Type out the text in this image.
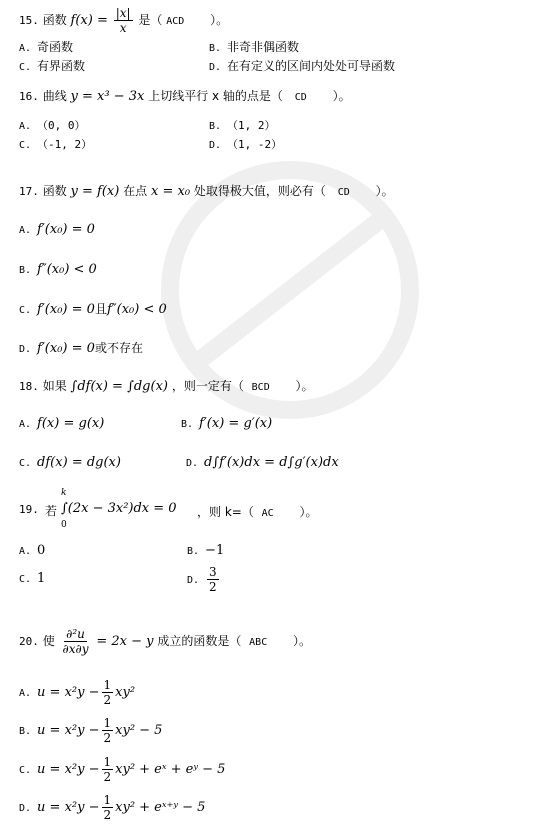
15. 函数 $f(x) = \frac{|x|}{x}$ 是（ ACD ）。
A. 奇函数	B. 非奇非偶函数
C. 有界函数	D. 在有定义的区间内处处可导函数
16. 曲线 y = x³ − 3x 上切线平行 x 轴的点是（ CD ）。
A. （0, 0）	B. （1, 2）
C. （-1, 2）	D. （1, -2）
17. 函数 y = f(x) 在点 x = x₀ 处取得极大值，则必有（ CD ）。
A. f′(x₀) = 0
B. f″(x₀) < 0
C. f′(x₀) = 0且f″(x₀) < 0
D. f′(x₀) = 0或不存在
18. 如果 ∫df(x) = ∫dg(x) ，则一定有（ BCD ）。
A. f(x) = g(x)	B. f′(x) = g′(x)
C. df(x) = dg(x)	D. d∫f′(x)dx = d∫g′(x)dx
19. 若
k
0
∫(2x − 3x²)dx = 0 ，则 k=（ AC ）。
A. 0	B. −1
C. 1	D. $\frac{3}{2}$
20. 使 $\frac{\text{∂²u}}{\partial x\partial y} = 2x - y$ 成立的函数是（ ABC ）。
A. $u = x^2y - \frac{1}{2} xy^2$
B. $u = x^2y - \frac{1}{2} xy^2 - 5$
C. $u = x^2y - \frac{1}{2} xy^2$ + eˣ + eʸ − 5
D. $u = x^2y - \frac{1}{2} xy^2$ + eˣ⁺ʸ − 5
